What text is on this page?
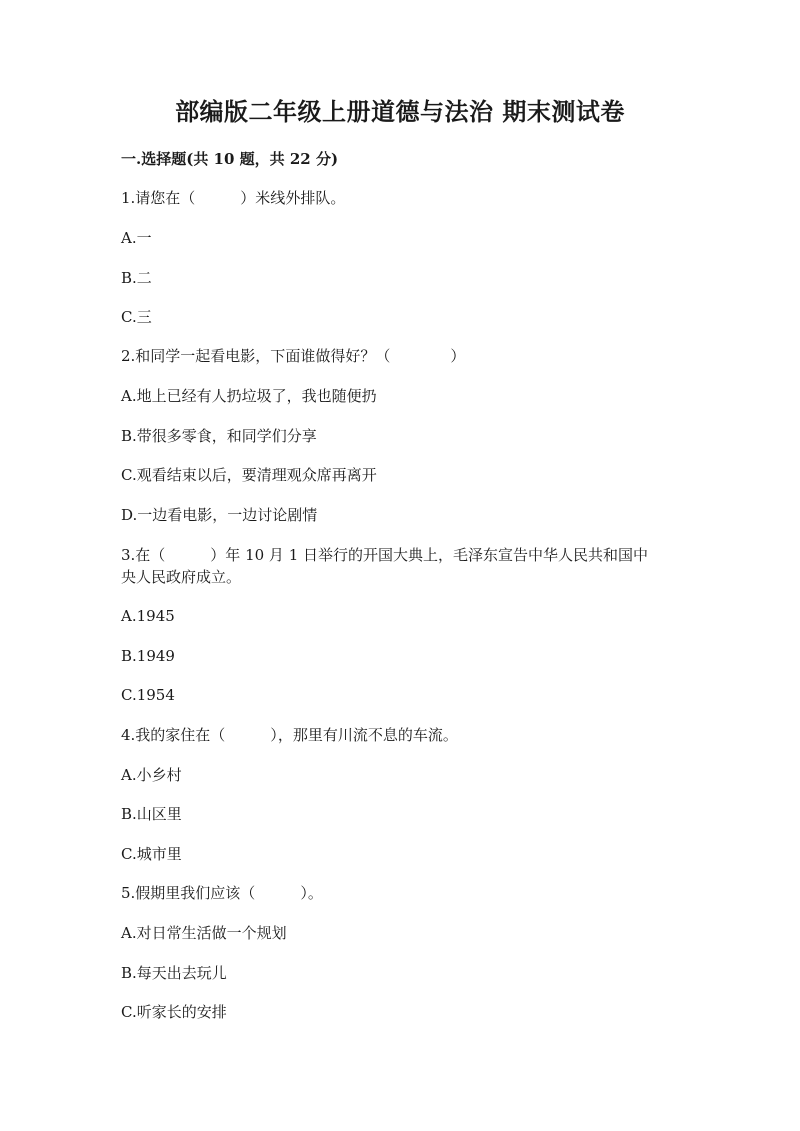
部编版二年级上册道德与法治 期末测试卷
一.选择题(共 10 题，共 22 分)
1.请您在（　　　）米线外排队。
A.一
B.二
C.三
2.和同学一起看电影，下面谁做得好？（　　　　）
A.地上已经有人扔垃圾了，我也随便扔
B.带很多零食，和同学们分享
C.观看结束以后，要清理观众席再离开
D.一边看电影，一边讨论剧情
3.在（　　　）年 10 月 1 日举行的开国大典上，毛泽东宣告中华人民共和国中
央人民政府成立。
A.1945
B.1949
C.1954
4.我的家住在（　　　），那里有川流不息的车流。
A.小乡村
B.山区里
C.城市里
5.假期里我们应该（　　　）。
A.对日常生活做一个规划
B.每天出去玩儿
C.听家长的安排
